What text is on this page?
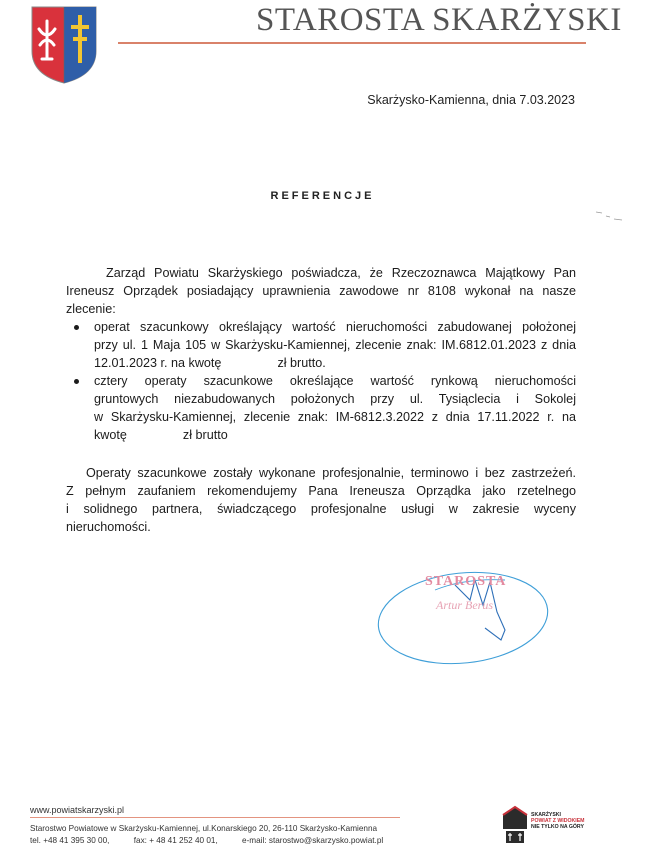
STAROSTA SKARŻYSKI
Skarżysko-Kamienna, dnia 7.03.2023
REFERENCJE
Zarząd Powiatu Skarżyskiego poświadcza, że Rzeczoznawca Majątkowy Pan Ireneusz Oprządek posiadający uprawnienia zawodowe nr 8108 wykonał na nasze zlecenie:
operat szacunkowy określający wartość nieruchomości zabudowanej położonej
przy ul. 1 Maja 105 w Skarżysku-Kamiennej, zlecenie znak: IM.6812.01.2023 z dnia
12.01.2023 r. na kwotę	zł brutto.
cztery operaty szacunkowe określające wartość rynkową nieruchomości
gruntowych niezabudowanych położonych przy ul. Tysiąclecia i Sokolej
w Skarżysku-Kamiennej, zlecenie znak: IM-6812.3.2022 z dnia 17.11.2022 r. na
kwotę	zł brutto
Operaty szacunkowe zostały wykonane profesjonalnie, terminowo i bez zastrzeżeń.
Z pełnym zaufaniem rekomendujemy Pana Ireneusza Oprządka jako rzetelnego
i solidnego partnera, świadczącego profesjonalne usługi w zakresie wyceny
nieruchomości.
STAROSTA
Artur Berus
www.powiatskarzyski.pl
Starostwo Powiatowe w Skarżysku-Kamiennej, ul.Konarskiego 20, 26-110 Skarżysko-Kamienna
tel. +48 41 395 30 00,	fax: + 48 41 252 40 01,	e-mail: starostwo@skarzysko.powiat.pl
SKARŻYSKI
POWIAT Z WIDOKIEM
NIE TYLKO NA GÓRY
